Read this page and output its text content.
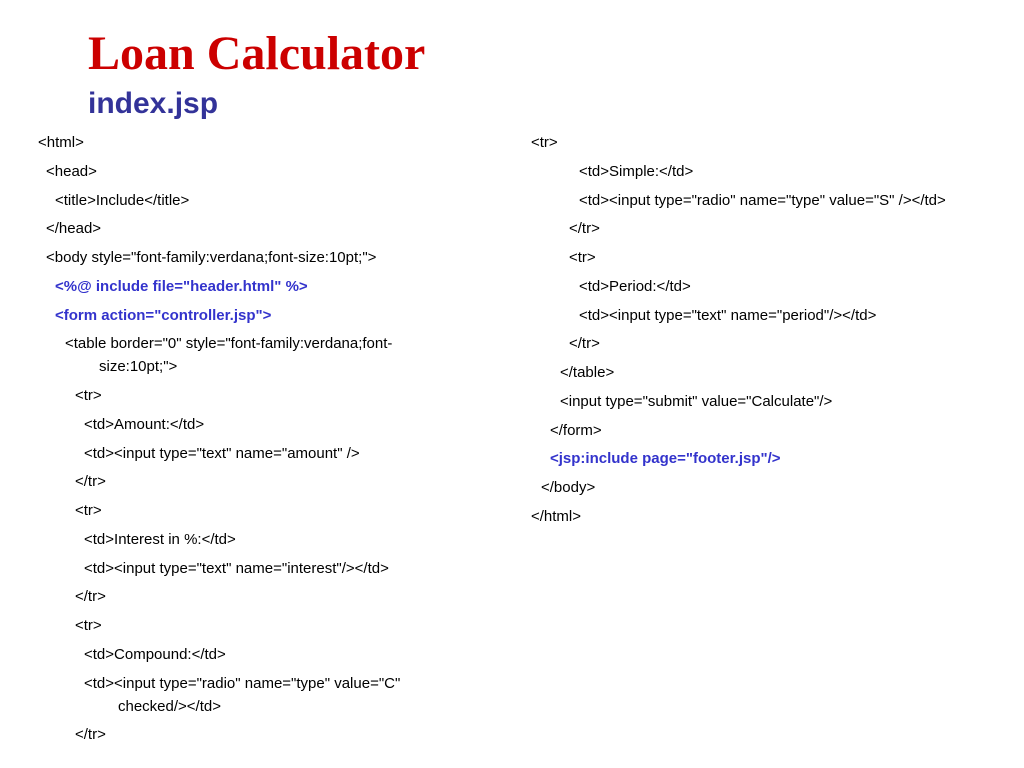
Loan Calculator
index.jsp
<html>
<head>
<title>Include</title>
</head>
<body style="font-family:verdana;font-size:10pt;">
<%@ include file="header.html" %>
<form action="controller.jsp">
<table border="0" style="font-family:verdana;font-size:10pt;">
<tr>
<td>Amount:</td>
<td><input type="text" name="amount" />
</tr>
<tr>
<td>Interest in %:</td>
<td><input type="text" name="interest"/></td>
</tr>
<tr>
<td>Compound:</td>
<td><input type="radio" name="type" value="C" checked/></td>
</tr>
<tr>
<td>Simple:</td>
<td><input type="radio" name="type" value="S" /></td>
</tr>
<tr>
<td>Period:</td>
<td><input type="text" name="period"/></td>
</tr>
</table>
<input type="submit" value="Calculate"/>
</form>
<jsp:include page="footer.jsp"/>
</body>
</html>
